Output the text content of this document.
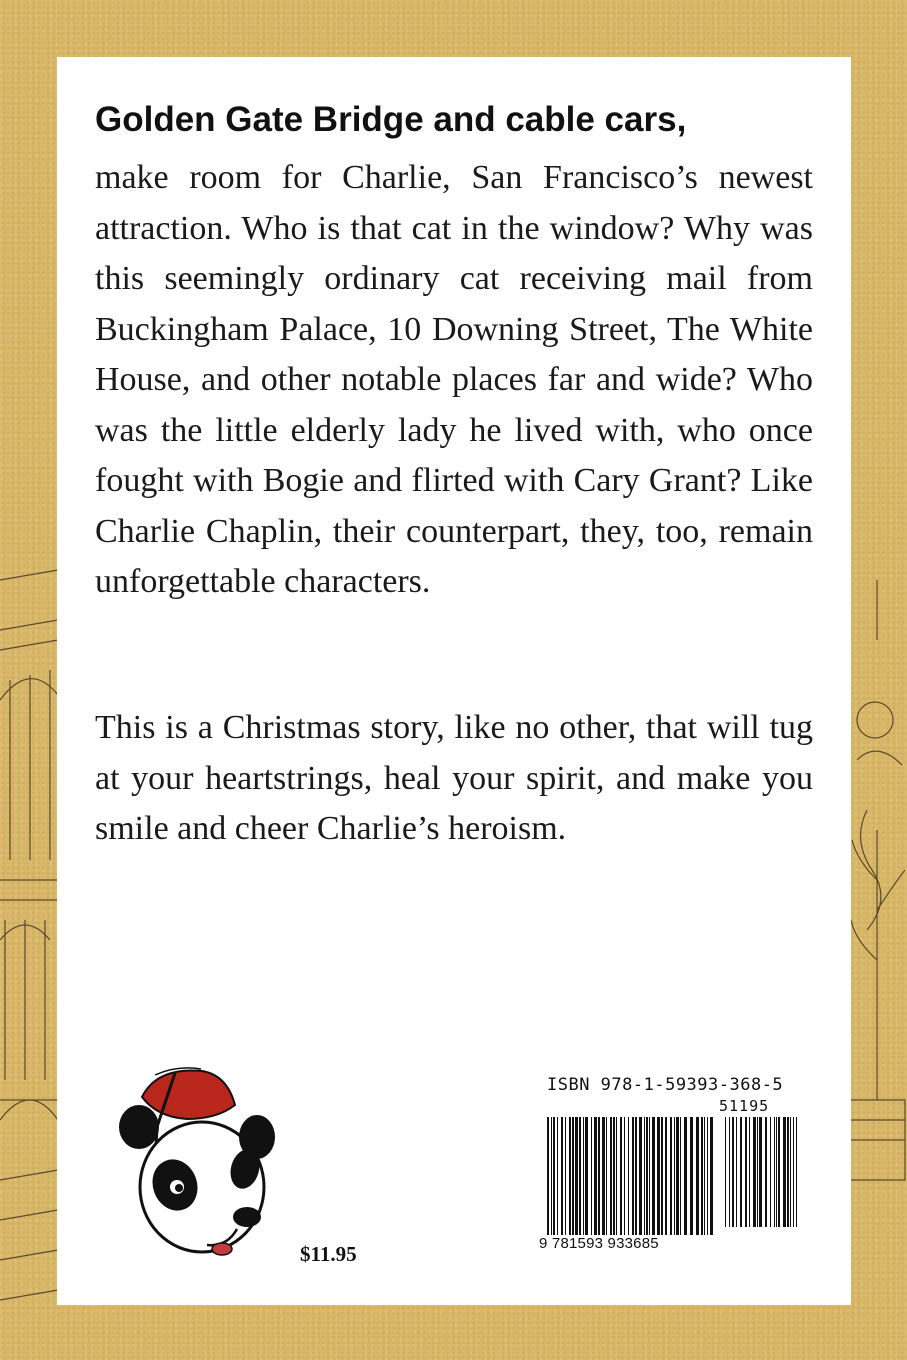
Golden Gate Bridge and cable cars,

make room for Charlie, San Francisco’s newest attraction. Who is that cat in the window? Why was this seemingly ordinary cat receiving mail from Buckingham Palace, 10 Downing Street, The White House, and other notable places far and wide? Who was the little elderly lady he lived with, who once fought with Bogie and flirted with Cary Grant? Like Charlie Chaplin, their counterpart, they, too, remain unforgettable characters.

This is a Christmas story, like no other, that will tug at your heartstrings, heal your spirit, and make you smile and cheer Charlie’s heroism.

$11.95
ISBN 978-1-59393-368-5
51195
9 781593 933685
